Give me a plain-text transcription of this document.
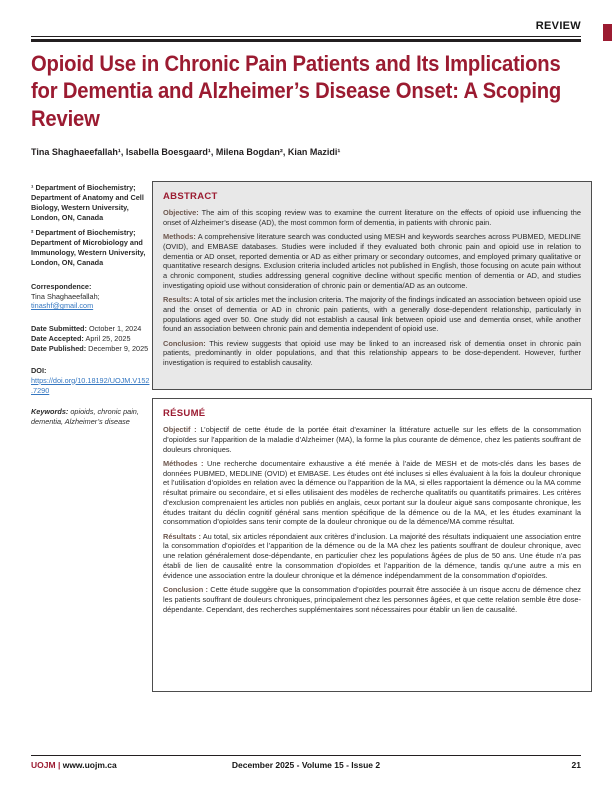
REVIEW
Opioid Use in Chronic Pain Patients and Its Implications for Dementia and Alzheimer’s Disease Onset: A Scoping Review
Tina Shaghaeefallah¹, Isabella Boesgaard¹, Milena Bogdan², Kian Mazidi¹
¹ Department of Biochemistry; Department of Anatomy and Cell Biology, Western University, London, ON, Canada
² Department of Biochemistry; Department of Microbiology and Immunology, Western University, London, ON, Canada
Correspondence:
Tina Shaghaeefallah;
tinashf@gmail.com
Date Submitted: October 1, 2024
Date Accepted: April 25, 2025
Date Published: December 9, 2025
DOI: https://doi.org/10.18192/UOJM.V152.7290
Keywords: opioids, chronic pain, dementia, Alzheimer’s disease
ABSTRACT

Objective: The aim of this scoping review was to examine the current literature on the effects of opioid use influencing the onset of Alzheimer’s disease (AD), the most common form of dementia, in patients with chronic pain.

Methods: A comprehensive literature search was conducted using MESH and keywords searches across PUBMED, MEDLINE (OVID), and EMBASE databases. Studies were included if they evaluated both chronic pain and opioid use in relation to dementia or AD onset, reported dementia or AD as either primary or secondary outcomes, and employed primary qualitative or quantitative research designs. Exclusion criteria included articles not published in English, those focusing on acute pain without a chronic component, studies addressing general cognitive decline without specific mention of dementia or AD, and studies investigating opioid use without consideration of chronic pain or dementia/AD as an outcome.

Results: A total of six articles met the inclusion criteria. The majority of the findings indicated an association between opioid use and the onset of dementia or AD in chronic pain patients, with a generally dose-dependent relationship, particularly in populations aged over 50. One study did not establish a causal link between opioid use and dementia onset, while another found an association between chronic pain and dementia independent of opioid use.

Conclusion: This review suggests that opioid use may be linked to an increased risk of dementia onset in chronic pain patients, predominantly in older populations, and that this relationship appears to be dose-dependent. However, further investigation is required to establish causality.

RÉSUMÉ

Objectif : L’objectif de cette étude de la portée était d’examiner la littérature actuelle sur les effets de la consommation d’opioïdes sur l’apparition de la maladie d’Alzheimer (MA), la forme la plus courante de démence, chez les patients souffrant de douleurs chroniques.

Méthodes : Une recherche documentaire exhaustive a été menée à l’aide de MESH et de mots-clés dans les bases de données PUBMED, MEDLINE (OVID) et EMBASE. Les études ont été incluses si elles évaluaient à la fois la douleur chronique et l’utilisation d’opioïdes en relation avec la démence ou l’apparition de la MA, si elles rapportaient la démence ou la MA comme résultat primaire ou secondaire, et si elles utilisaient des modèles de recherche qualitatifs ou quantitatifs primaires. Les critères d’exclusion comprenaient les articles non publiés en anglais, ceux portant sur la douleur aiguë sans composante chronique, les études traitant du déclin cognitif général sans mention spécifique de la démence ou de la MA, et les études examinant la consommation d’opioïdes sans tenir compte de la douleur chronique ou de la démence/MA comme résultat.

Résultats : Au total, six articles répondaient aux critères d’inclusion. La majorité des résultats indiquaient une association entre la consommation d’opioïdes et l’apparition de la démence ou de la MA chez les patients souffrant de douleur chronique, avec une relation généralement dose-dépendante, en particulier chez les populations âgées de plus de 50 ans. Une étude n’a pas établi de lien de causalité entre la consommation d’opioïdes et l’apparition de la démence, tandis qu’une autre a mis en évidence une association entre la douleur chronique et la démence indépendamment de la consommation d’opioïdes.

Conclusion : Cette étude suggère que la consommation d’opioïdes pourrait être associée à un risque accru de démence chez les patients souffrant de douleurs chroniques, principalement chez les personnes âgées, et que cette relation semble être dose-dépendante. Cependant, des recherches supplémentaires sont nécessaires pour établir un lien de causalité.

UOJM | www.uojm.ca	December 2025 - Volume 15 - Issue 2	21
